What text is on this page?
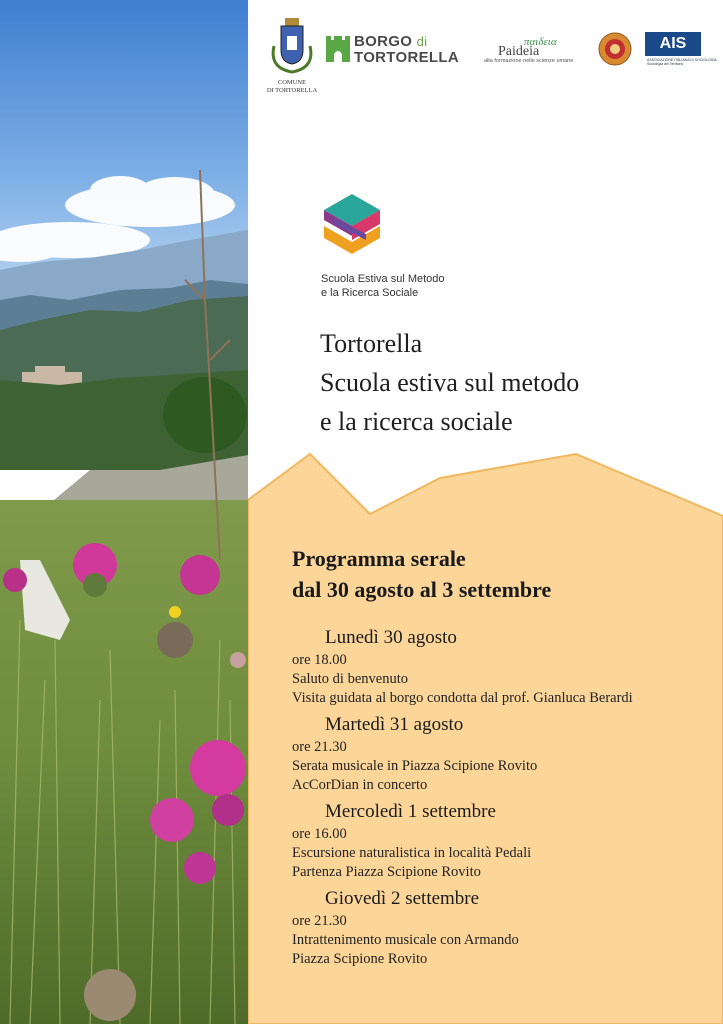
COMUNE
DI TORTORELLA
BORGO di
TORTORELLA
παιδεια
Paideia
alta formazione nelle scienze umane
AIS
ASSOCIAZIONE ITALIANA DI SOCIOLOGIA
Sociologia del Territorio
Scuola Estiva sul Metodo
e la Ricerca Sociale
Tortorella
Scuola estiva sul metodo
e la ricerca sociale
Programma serale
dal 30 agosto al 3 settembre
Lunedì 30 agosto
ore 18.00
Saluto di benvenuto
Visita guidata al borgo condotta dal prof. Gianluca Berardi
Martedì 31 agosto
ore 21.30
Serata musicale in Piazza Scipione Rovito
AcCorDian in concerto
Mercoledì 1 settembre
ore 16.00
Escursione naturalistica in località Pedali
Partenza Piazza Scipione Rovito
Giovedì 2 settembre
ore 21.30
Intrattenimento musicale con Armando
Piazza Scipione Rovito
